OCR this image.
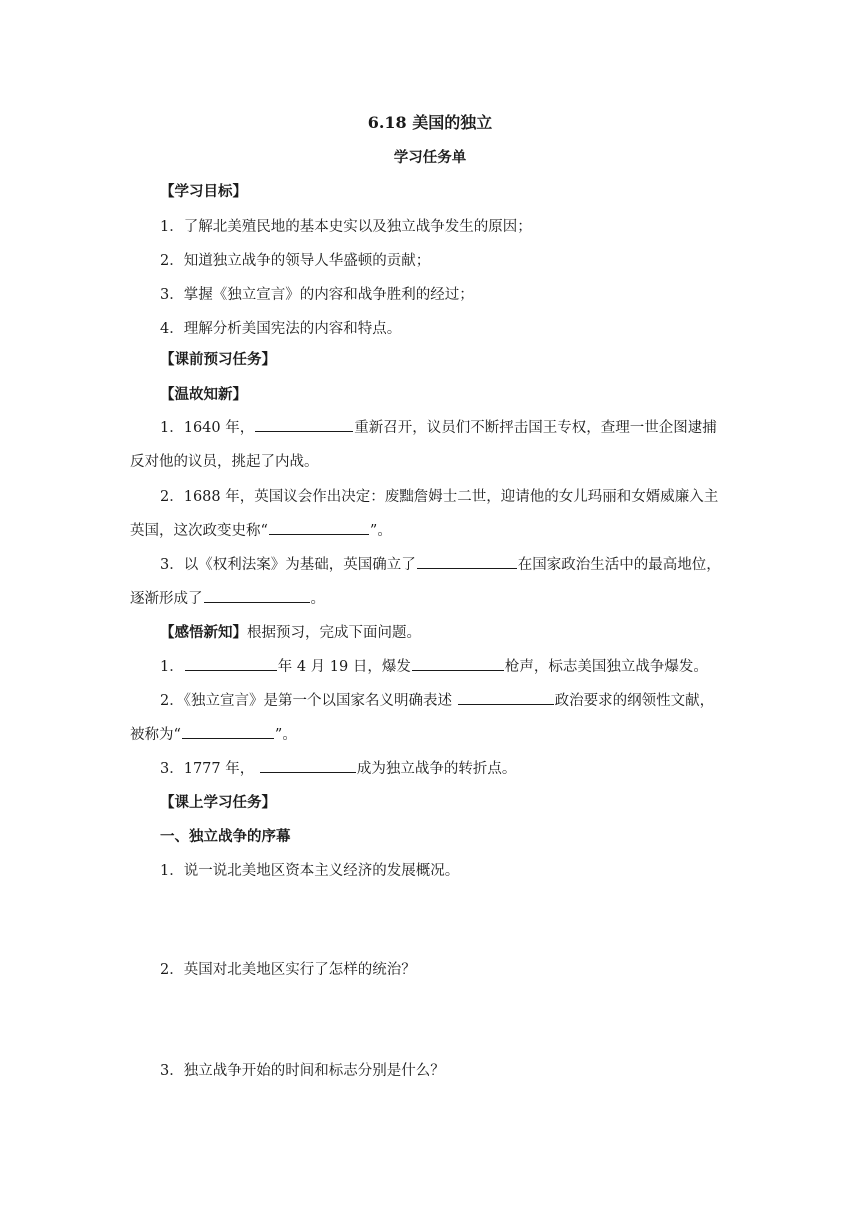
6.18 美国的独立
学习任务单
【学习目标】
1．了解北美殖民地的基本史实以及独立战争发生的原因；
2．知道独立战争的领导人华盛顿的贡献；
3．掌握《独立宣言》的内容和战争胜利的经过；
4．理解分析美国宪法的内容和特点。
【课前预习任务】
【温故知新】
1．1640 年，	重新召开，议员们不断抨击国王专权，查理一世企图逮捕
反对他的议员，挑起了内战。
2．1688 年，英国议会作出决定：废黜詹姆士二世，迎请他的女儿玛丽和女婿威廉入主
英国，这次政变史称“	”。
3．以《权利法案》为基础，英国确立了	在国家政治生活中的最高地位，
逐渐形成了	。
【感悟新知】根据预习，完成下面问题。
1．	年 4 月 19 日，爆发	枪声，标志美国独立战争爆发。
2．《独立宣言》是第一个以国家名义明确表述	政治要求的纲领性文献，
被称为“	”。
3．1777 年，	成为独立战争的转折点。
【课上学习任务】
一、独立战争的序幕
1．说一说北美地区资本主义经济的发展概况。
2．英国对北美地区实行了怎样的统治？
3．独立战争开始的时间和标志分别是什么？
